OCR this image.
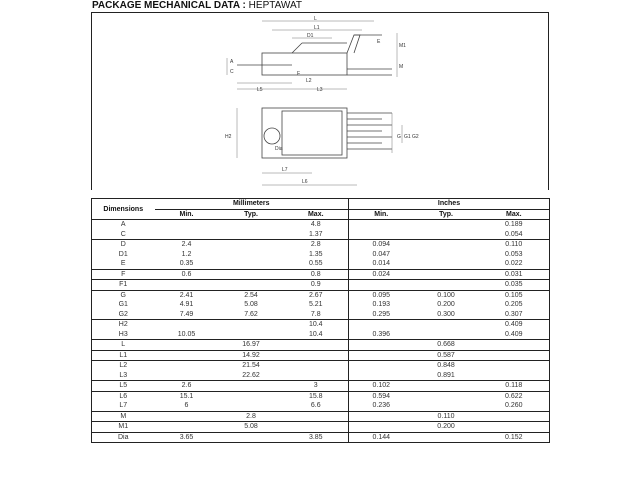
PACKAGE MECHANICAL DATA : HEPTAWAT
L
L1
D1
M1
M
E
A
C	F
L2
L5	L3
H2
Dia
L7
L6
G G1 G2
Dimensions	Millimeters			Inches		
	Min.	Typ.	Max.	Min.	Typ.	Max.
A			4.8			0.189
C			1.37			0.054
D	2.4		2.8	0.094		0.110
D1	1.2		1.35	0.047		0.053
E	0.35		0.55	0.014		0.022
F	0.6		0.8	0.024		0.031
F1			0.9			0.035
G	2.41	2.54	2.67	0.095	0.100	0.105
G1	4.91	5.08	5.21	0.193	0.200	0.205
G2	7.49	7.62	7.8	0.295	0.300	0.307
H2			10.4			0.409
H3	10.05		10.4	0.396		0.409
L		16.97			0.668	
L1		14.92			0.587	
L2		21.54			0.848	
L3		22.62			0.891	
L5	2.6		3	0.102		0.118
L6	15.1		15.8	0.594		0.622
L7	6		6.6	0.236		0.260
M		2.8			0.110	
M1		5.08			0.200	
Dia	3.65		3.85	0.144		0.152
